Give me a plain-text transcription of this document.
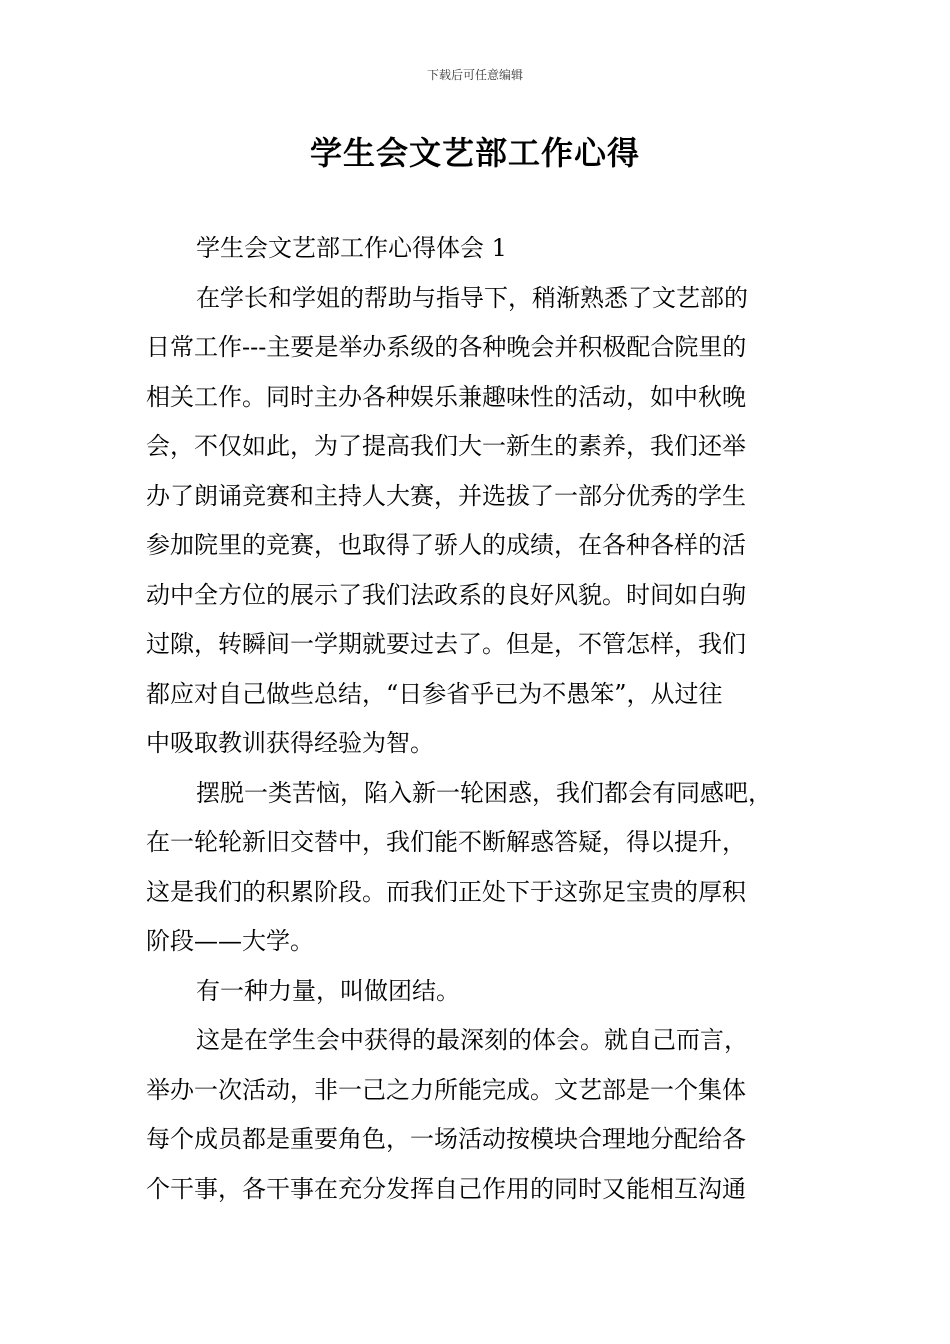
下载后可任意编辑
学生会文艺部工作心得
学生会文艺部工作心得体会 1
在学长和学姐的帮助与指导下，稍渐熟悉了文艺部的
日常工作---主要是举办系级的各种晚会并积极配合院里的
相关工作。同时主办各种娱乐兼趣味性的活动，如中秋晚
会，不仅如此，为了提高我们大一新生的素养，我们还举
办了朗诵竞赛和主持人大赛，并选拔了一部分优秀的学生
参加院里的竞赛，也取得了骄人的成绩，在各种各样的活
动中全方位的展示了我们法政系的良好风貌。时间如白驹
过隙，转瞬间一学期就要过去了。但是，不管怎样，我们
都应对自己做些总结，“日参省乎已为不愚笨”，从过往
中吸取教训获得经验为智。
摆脱一类苦恼，陷入新一轮困惑，我们都会有同感吧，
在一轮轮新旧交替中，我们能不断解惑答疑，得以提升，
这是我们的积累阶段。而我们正处下于这弥足宝贵的厚积
阶段——大学。
有一种力量，叫做团结。
这是在学生会中获得的最深刻的体会。就自己而言，
举办一次活动，非一己之力所能完成。文艺部是一个集体
每个成员都是重要角色，一场活动按模块合理地分配给各
个干事，各干事在充分发挥自己作用的同时又能相互沟通
